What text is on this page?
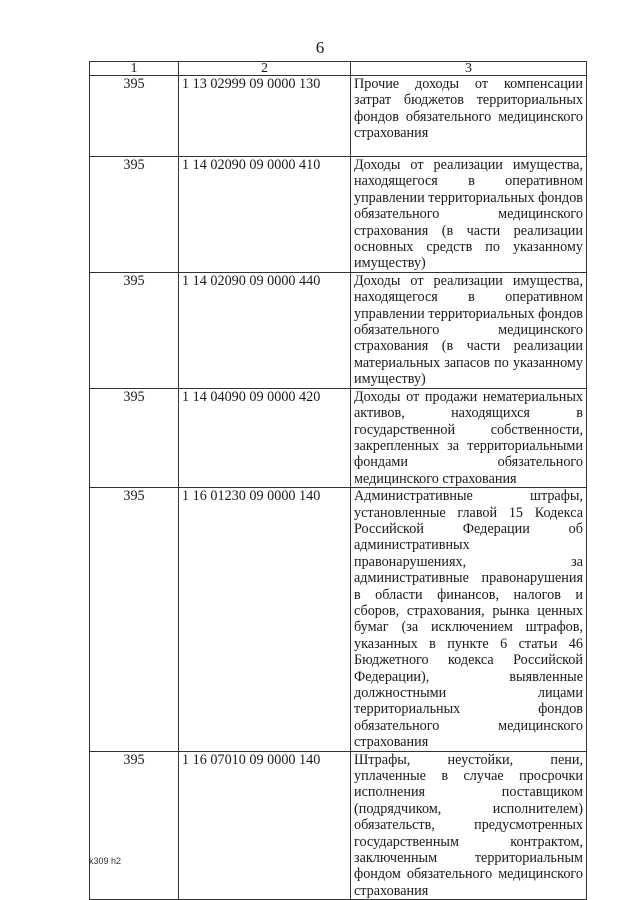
6
1	2	3
395	1 13 02999 09 0000 130	Прочие доходы от компенсации затрат бюджетов территориальных фондов обязательного медицинского страхования
395	1 14 02090 09 0000 410	Доходы от реализации имущества, находящегося в оперативном управлении территориальных фондов обязательного медицинского страхования (в части реализации основных средств по указанному имуществу)
395	1 14 02090 09 0000 440	Доходы от реализации имущества, находящегося в оперативном управлении территориальных фондов обязательного медицинского страхования (в части реализации материальных запасов по указанному имуществу)
395	1 14 04090 09 0000 420	Доходы от продажи нематериальных активов, находящихся в государственной собственности, закрепленных за территориальными фондами обязательного медицинского страхования
395	1 16 01230 09 0000 140	Административные штрафы, установленные главой 15 Кодекса Российской Федерации об административных правонарушениях, за административные правонарушения в области финансов, налогов и сборов, страхования, рынка ценных бумаг (за исключением штрафов, указанных в пункте 6 статьи 46 Бюджетного кодекса Российской Федерации), выявленные должностными лицами территориальных фондов обязательного медицинского страхования
395	1 16 07010 09 0000 140	Штрафы, неустойки, пени, уплаченные в случае просрочки исполнения поставщиком (подрядчиком, исполнителем) обязательств, предусмотренных государственным контрактом, заключенным территориальным фондом обязательного медицинского страхования
k309 h2
